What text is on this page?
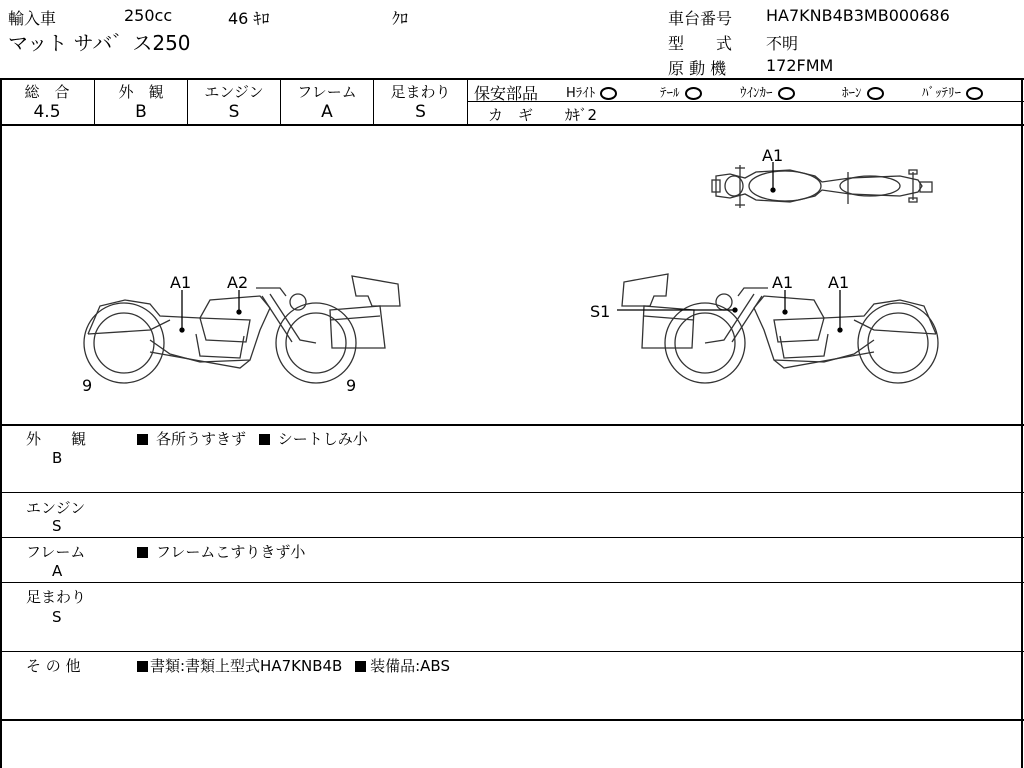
輸入車	250cc	46 ｷﾛ	ｸﾛ
マット サバ゛ス250
車台番号 HA7KNB4B3MB000686
型　　式 不明
原 動 機 172FMM
総　合	外　観	エンジン	フレーム	足まわり
4.5	B	S	A	S
保安部品 Hﾗｲﾄ	ﾃｰﾙ	ｳｲﾝｶｰ	ﾎｰﾝ	ﾊﾞｯﾃﾘｰ
カ　ギ ｶｷﾞ2
A1
A1 A2
9	9
S1
A1 A1
外　　観
B
各所うすきず シートしみ小
エンジン
S
フレーム
A
フレームこすりきず小
足まわり
S
そ の 他	書類:書類上型式HA7KNB4B 装備品:ABS
